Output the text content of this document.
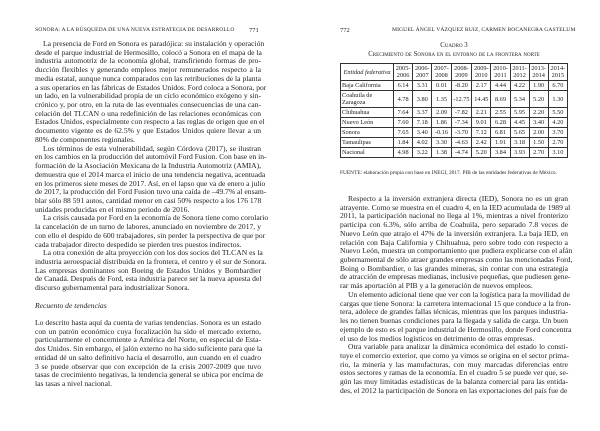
SONORA: A LA BÚSQUEDA DE UNA NUEVA ESTRATEGIA DE DESARROLLO 771
La presencia de Ford en Sonora es paradójica: su instalación y operación
desde el parque industrial de Hermosillo, colocó a Sonora en el mapa de la
industria automotriz de la economía global, transfiriendo formas de pro-
ducción flexibles y generando empleos mejor remunerados respecto a la
media estatal, aunque nunca comparados con las retribuciones de la planta
a sus operarios en las fábricas de Estados Unidos. Ford coloca a Sonora, por
un lado, en la vulnerabilidad propia de un ciclo económico exógeno y sin-
crónico y, por otro, en la ruta de las eventuales consecuencias de una can-
celación del TLCAN o una redefinición de las relaciones económicas con
Estados Unidos, especialmente con respecto a las reglas de origen que en el
documento vigente es de 62.5% y que Estados Unidos quiere llevar a un
80% de componentes regionales.
Los términos de esta vulnerabilidad, según Córdova (2017), se ilustran
en los cambios en la producción del automóvil Ford Fusion. Con base en in-
formación de la Asociación Mexicana de la Industria Automotriz (AMIA),
demuestra que el 2014 marca el inicio de una tendencia negativa, acentuada
en los primeros siete meses de 2017. Así, en el lapso que va de enero a julio
de 2017, la producción del Ford Fusion tuvo una caída de –49.7% al ensam-
blar sólo 88 591 autos, cantidad menor en casi 50% respecto a los 176 178
unidades producidas en el mismo periodo de 2016.
La crisis causada por Ford en la economía de Sonora tiene como corolario
la cancelación de un turno de labores, anunciado en noviembre de 2017, y
con ello el despido de 600 trabajadores, sin perder la perspectiva de que por
cada trabajador directo despedido se pierden tres puestos indirectos.
La otra conexión de alta proyección con los dos socios del TLCAN es la
industria aeroespacial distribuida en la frontera, el centro y el sur de Sonora.
Las empresas dominantes son Boeing de Estados Unidos y Bombardier
de Canadá. Después de Ford, esta industria parece ser la nueva apuesta del
discurso gubernamental para industrializar Sonora.
Recuento de tendencias
Lo descrito hasta aquí da cuenta de varias tendencias. Sonora es un estado
con un patrón económico cuya focalización ha sido el mercado externo,
particularmente el concerniente a América del Norte, en especial de Esta-
dos Unidos. Sin embargo, el jalón externo no ha sido suficiente para que la
entidad dé un salto definitivo hacia el desarrollo, aun cuando en el cuadro
3 se puede observar que con excepción de la crisis 2007-2009 que tuvo
tasas de crecimiento negativas, la tendencia general se ubica por encima de
las tasas a nivel nacional.
772	MIGUEL ÁNGEL VÁZQUEZ RUIZ, CARMEN BOCANEGRA GASTELUM
Cuadro 3
Crecimiento de Sonora en el entorno de la frontera norte
Entidad federativa	2005-2006	2006-2007	2007-2008	2008-2009	2009-2010	2010-2011	2011-2012	2013-2014	2014-2015
Baja California	6.14	3.31	0.01	-8.20	2.17	4.44	4.22	1.90	6.70
Coahuila de Zaragoza	4.78	3.80	1.35	-12.75	14.45	8.69	5.34	5.20	1.30
Chihuahua	7.64	3.37	2.09	-7.82	2.21	2.55	5.95	2.20	5.50
Nuevo León	7.60	7.18	1.86	-7.34	9.01	6.28	4.45	3.40	4.20
Sonora	7.65	3.40	-0.16	-3.70	7.12	6.81	5.65	2.00	3.70
Tamaulipas	1.84	4.02	3.30	-4.63	2.42	1.91	3.18	1.50	2.70
Nacional	4.98	3.22	1.38	-4.74	5.20	3.84	3.93	2.70	3.10
FUENTE: elaboración propia con base en INEGI, 2017. PIB de las entidades federativas de México.
Respecto a la inversión extranjera directa (IED), Sonora no es un gran
atrayente. Como se muestra en el cuadro 4, en la IED acumulada de 1989 al
2011, la participación nacional no llega al 1%, mientras a nivel fronterizo
participa con 6.3%, sólo arriba de Coahuila, pero separado 7.8 veces de
Nuevo León que atrajo el 47% de la inversión extranjera. La baja IED, en
relación con Baja California y Chihuahua, pero sobre todo con respecto a
Nuevo León, muestra un comportamiento que pudiera explicarse con el afán
gubernamental de sólo atraer grandes empresas como las mencionadas Ford,
Boing o Bombardier, o las grandes mineras, sin contar con una estrategia
de atracción de empresas medianas, inclusive pequeñas, que pudiesen gene-
rar más aportación al PIB y a la generación de nuevos empleos.
Un elemento adicional tiene que ver con la logística para la movilidad de
cargas que tiene Sonora: la carretera internacional 15 que conduce a la fron-
tera, adolece de grandes fallas técnicas, mientras que los parques industria-
les no tienen buenas condiciones para la llegada y salida de carga. Un buen
ejemplo de esto es el parque industrial de Hermosillo, donde Ford concentra
el uso de los medios logísticos en detrimento de otras empresas.
Otra variable para analizar la dinámica económica del estado lo consti-
tuye el comercio exterior, que como ya vimos se origina en el sector prima-
rio, la minería y las manufacturas, con muy marcadas diferencias entre
estos sectores y ramas de la economía. En el cuadro 5 se puede ver que, se-
gún las muy limitadas estadísticas de la balanza comercial para las entida-
des, el 2012 la participación de Sonora en las exportaciones del país fue de
